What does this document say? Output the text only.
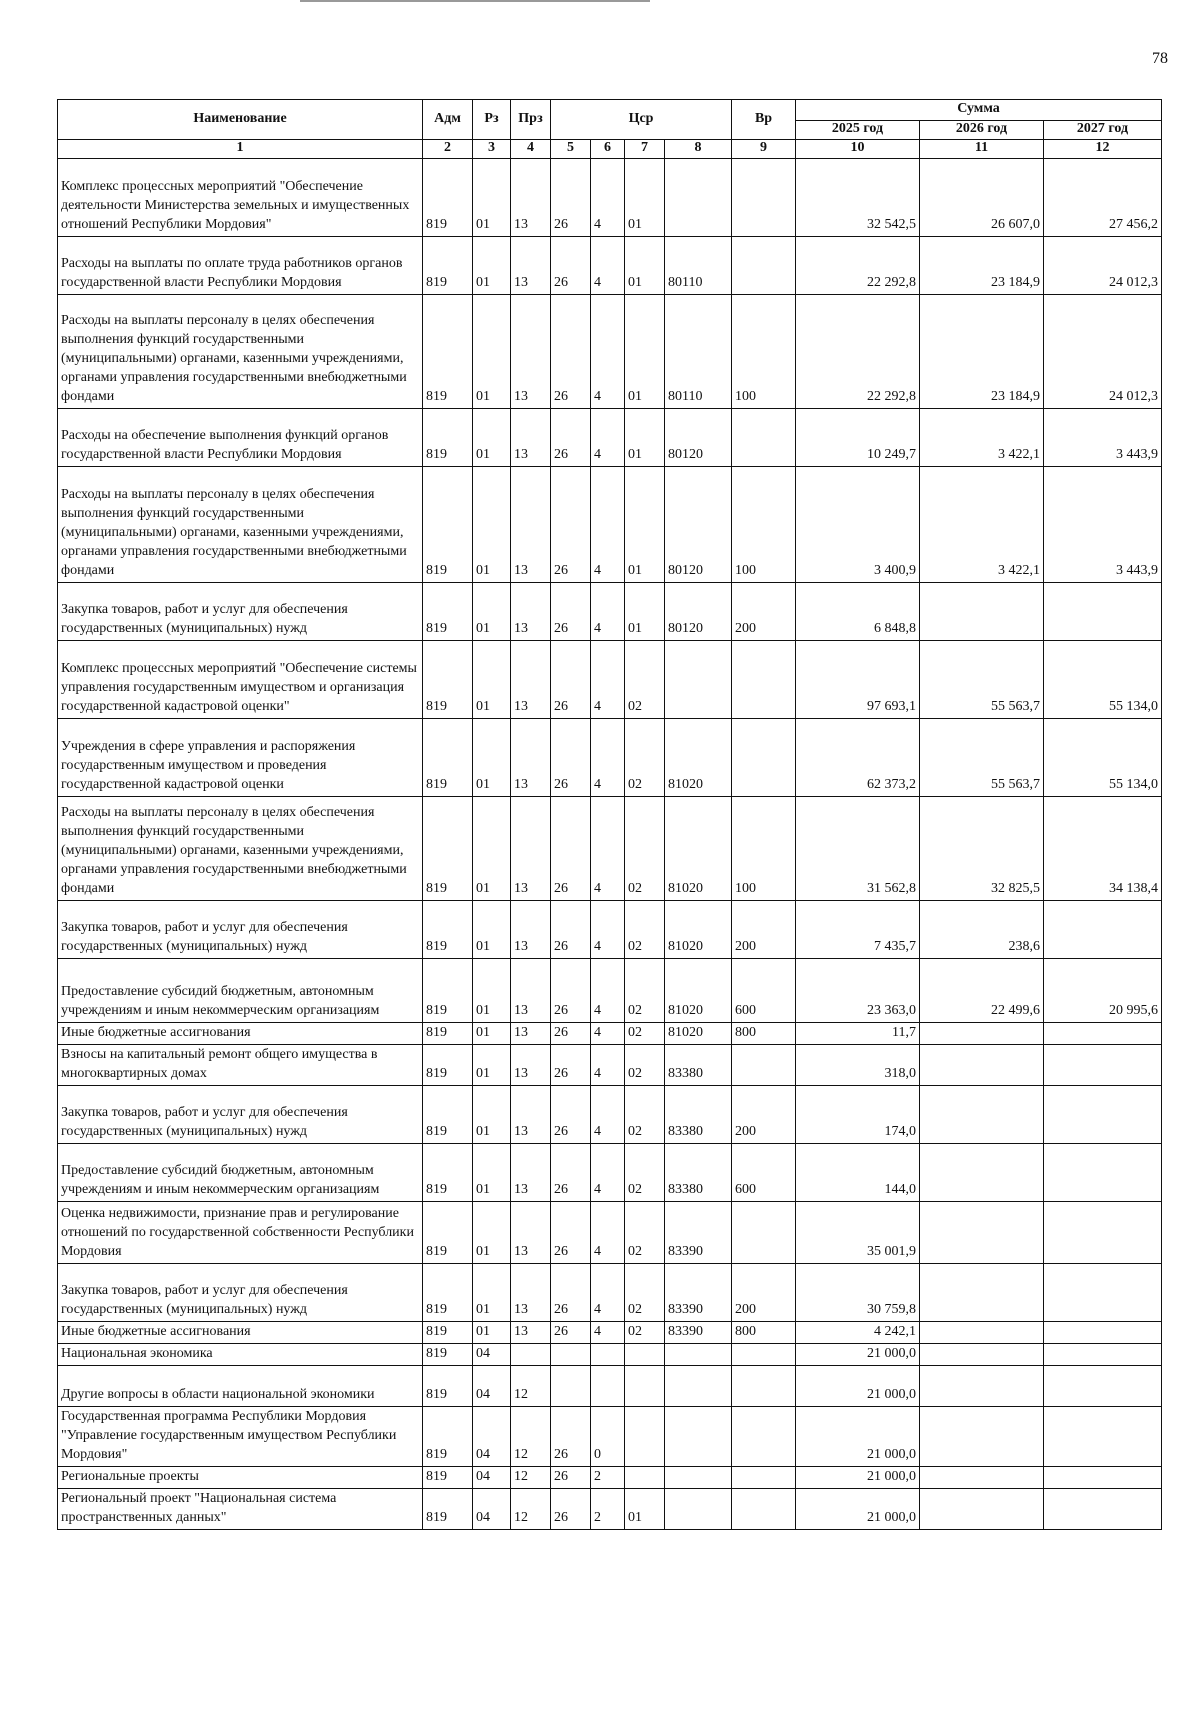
78
Наименование	Адм	Рз	Прз	Цср				Вр	Сумма		
									2025 год	2026 год	2027 год
1	2	3	4	5	6	7	8	9	10	11	12
Комплекс процессных мероприятий "Обеспечение деятельности Министерства земельных и имущественных отношений Республики Мордовия"	819	01	13	26	4	01			32 542,5	26 607,0	27 456,2
Расходы на выплаты по оплате труда работников органов государственной власти Республики Мордовия	819	01	13	26	4	01	80110		22 292,8	23 184,9	24 012,3
Расходы на выплаты персоналу в целях обеспечения выполнения функций государственными (муниципальными) органами, казенными учреждениями, органами управления государственными внебюджетными фондами	819	01	13	26	4	01	80110	100	22 292,8	23 184,9	24 012,3
Расходы на обеспечение выполнения функций органов государственной власти Республики Мордовия	819	01	13	26	4	01	80120		10 249,7	3 422,1	3 443,9
Расходы на выплаты персоналу в целях обеспечения выполнения функций государственными (муниципальными) органами, казенными учреждениями, органами управления государственными внебюджетными фондами	819	01	13	26	4	01	80120	100	3 400,9	3 422,1	3 443,9
Закупка товаров, работ и услуг для обеспечения государственных (муниципальных) нужд	819	01	13	26	4	01	80120	200	6 848,8		
Комплекс процессных мероприятий "Обеспечение системы управления государственным имуществом и организация государственной кадастровой оценки"	819	01	13	26	4	02			97 693,1	55 563,7	55 134,0
Учреждения в сфере управления и распоряжения государственным имуществом и проведения государственной кадастровой оценки	819	01	13	26	4	02	81020		62 373,2	55 563,7	55 134,0
Расходы на выплаты персоналу в целях обеспечения выполнения функций государственными (муниципальными) органами, казенными учреждениями, органами управления государственными внебюджетными фондами	819	01	13	26	4	02	81020	100	31 562,8	32 825,5	34 138,4
Закупка товаров, работ и услуг для обеспечения государственных (муниципальных) нужд	819	01	13	26	4	02	81020	200	7 435,7	238,6	
Предоставление субсидий бюджетным, автономным учреждениям и иным некоммерческим организациям	819	01	13	26	4	02	81020	600	23 363,0	22 499,6	20 995,6
Иные бюджетные ассигнования	819	01	13	26	4	02	81020	800	11,7		
Взносы на капитальный ремонт общего имущества в многоквартирных домах	819	01	13	26	4	02	83380		318,0		
Закупка товаров, работ и услуг для обеспечения государственных (муниципальных) нужд	819	01	13	26	4	02	83380	200	174,0		
Предоставление субсидий бюджетным, автономным учреждениям и иным некоммерческим организациям	819	01	13	26	4	02	83380	600	144,0		
Оценка недвижимости, признание прав и регулирование отношений по государственной собственности Республики Мордовия	819	01	13	26	4	02	83390		35 001,9		
Закупка товаров, работ и услуг для обеспечения государственных (муниципальных) нужд	819	01	13	26	4	02	83390	200	30 759,8		
Иные бюджетные ассигнования	819	01	13	26	4	02	83390	800	4 242,1		
Национальная экономика	819	04							21 000,0		
Другие вопросы в области национальной экономики	819	04	12						21 000,0		
Государственная программа Республики Мордовия "Управление государственным имуществом Республики Мордовия"	819	04	12	26	0				21 000,0		
Региональные проекты	819	04	12	26	2				21 000,0		
Региональный проект "Национальная система пространственных данных"	819	04	12	26	2	01			21 000,0		
